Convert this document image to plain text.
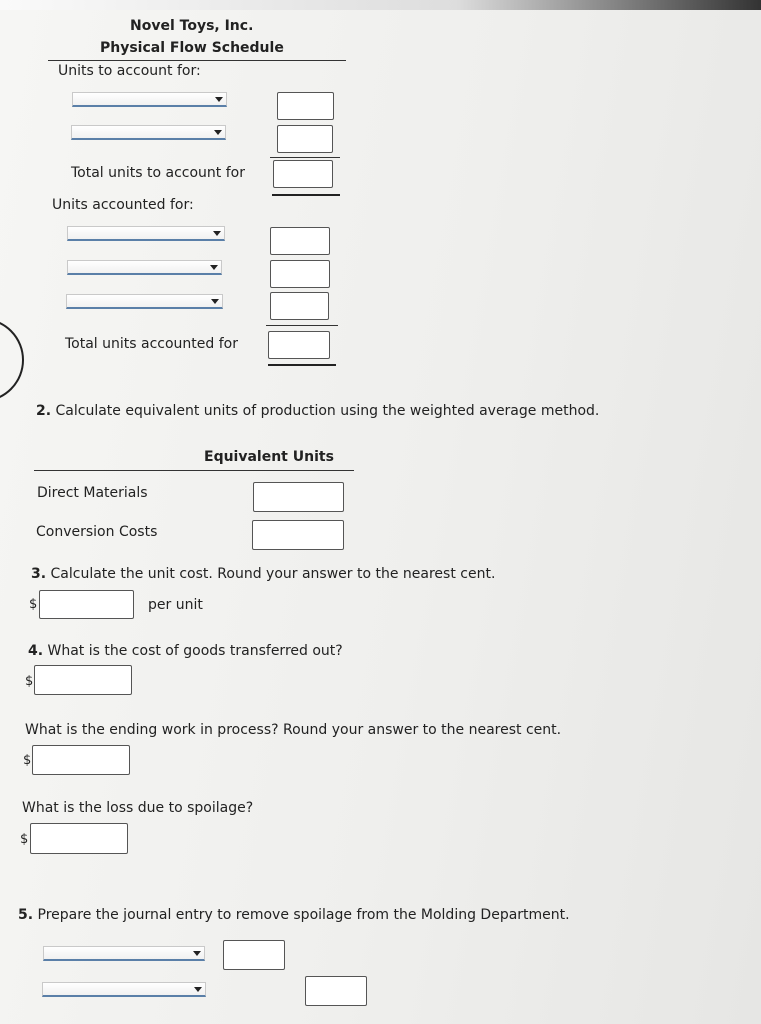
Novel Toys, Inc.
Physical Flow Schedule
Units to account for:
Total units to account for
Units accounted for:
Total units accounted for
2. Calculate equivalent units of production using the weighted average method.
Equivalent Units
Direct Materials
Conversion Costs
3. Calculate the unit cost. Round your answer to the nearest cent.
$	per unit
4. What is the cost of goods transferred out?
$
What is the ending work in process? Round your answer to the nearest cent.
$
What is the loss due to spoilage?
$
5. Prepare the journal entry to remove spoilage from the Molding Department.
